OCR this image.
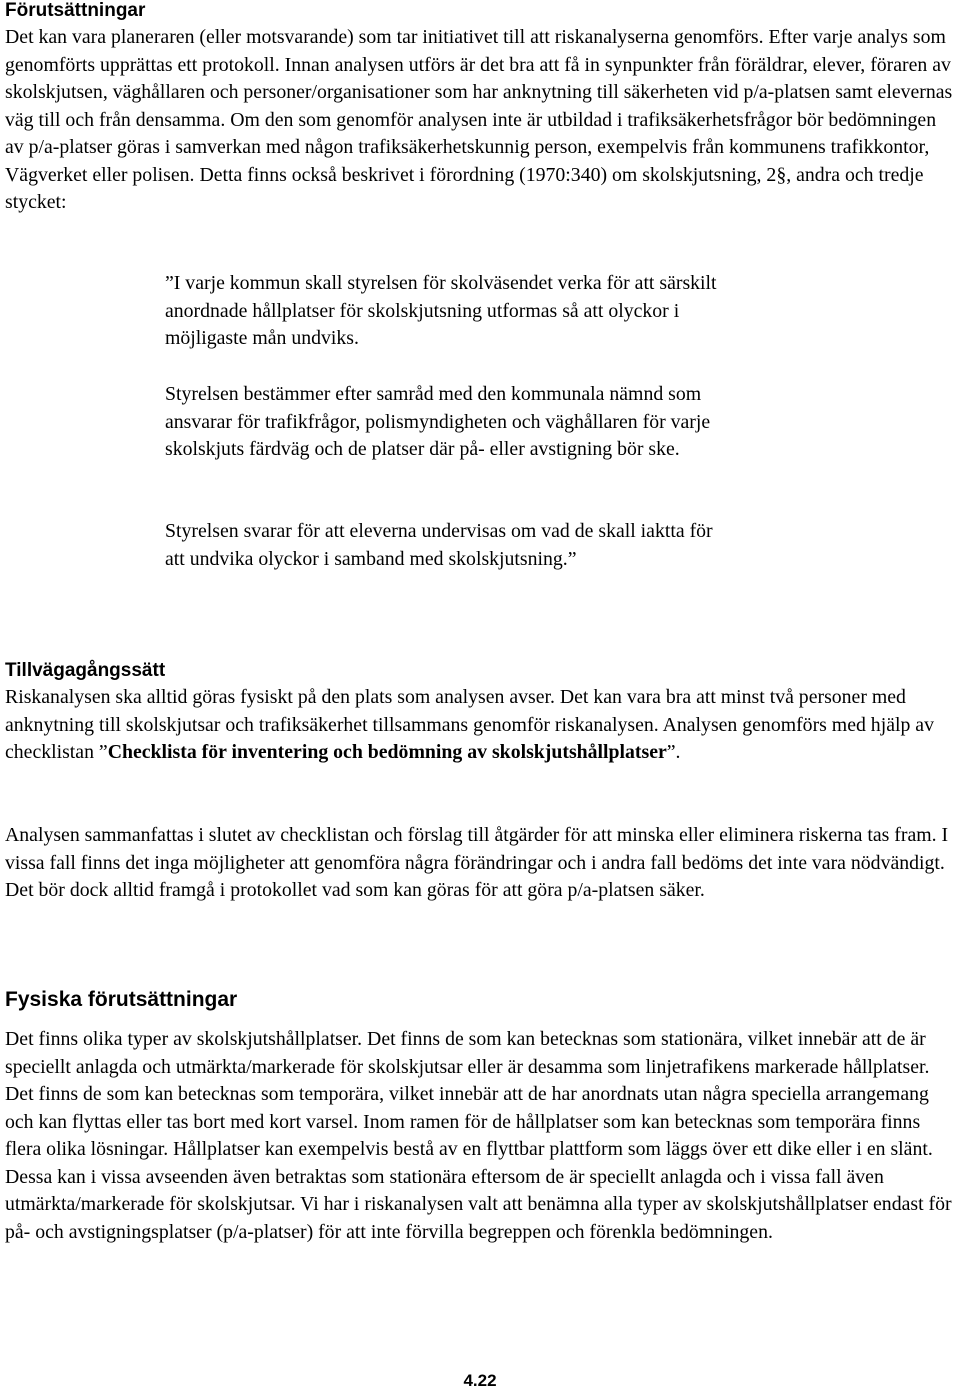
Förutsättningar

Det kan vara planeraren (eller motsvarande) som tar initiativet till att riskanalyserna genomförs. Efter varje analys som genomförts upprättas ett protokoll. Innan analysen utförs är det bra att få in synpunkter från föräldrar, elever, föraren av skolskjutsen, väghållaren och personer/organisationer som har anknytning till säkerheten vid p/a-platsen samt elevernas väg till och från densamma. Om den som genomför analysen inte är utbildad i trafiksäkerhetsfrågor bör bedömningen av p/a-platser göras i samverkan med någon trafiksäkerhetskunnig person, exempelvis från kommunens trafikkontor, Vägverket eller polisen. Detta finns också beskrivet i förordning (1970:340) om skolskjutsning, 2§, andra och tredje stycket:

”I varje kommun skall styrelsen för skolväsendet verka för att särskilt anordnade hållplatser för skolskjutsning utformas så att olyckor i möjligaste mån undviks.

Styrelsen bestämmer efter samråd med den kommunala nämnd som ansvarar för trafikfrågor, polismyndigheten och väghållaren för varje skolskjuts färdväg och de platser där på- eller avstigning bör ske.

Styrelsen svarar för att eleverna undervisas om vad de skall iaktta för att undvika olyckor i samband med skolskjutsning.”

Tillvägagångssätt

Riskanalysen ska alltid göras fysiskt på den plats som analysen avser. Det kan vara bra att minst två personer med anknytning till skolskjutsar och trafiksäkerhet tillsammans genomför riskanalysen. Analysen genomförs med hjälp av checklistan ”Checklista för inventering och bedömning av skolskjutshållplatser”.

Analysen sammanfattas i slutet av checklistan och förslag till åtgärder för att minska eller eliminera riskerna tas fram. I vissa fall finns det inga möjligheter att genomföra några förändringar och i andra fall bedöms det inte vara nödvändigt. Det bör dock alltid framgå i protokollet vad som kan göras för att göra p/a-platsen säker.

Fysiska förutsättningar

Det finns olika typer av skolskjutshållplatser. Det finns de som kan betecknas som stationära, vilket innebär att de är speciellt anlagda och utmärkta/markerade för skolskjutsar eller är desamma som linjetrafikens markerade hållplatser. Det finns de som kan betecknas som temporära, vilket innebär att de har anordnats utan några speciella arrangemang och kan flyttas eller tas bort med kort varsel. Inom ramen för de hållplatser som kan betecknas som temporära finns flera olika lösningar. Hållplatser kan exempelvis bestå av en flyttbar plattform som läggs över ett dike eller i en slänt. Dessa kan i vissa avseenden även betraktas som stationära eftersom de är speciellt anlagda och i vissa fall även utmärkta/markerade för skolskjutsar. Vi har i riskanalysen valt att benämna alla typer av skolskjutshållplatser endast för på- och avstigningsplatser (p/a-platser) för att inte förvilla begreppen och förenkla bedömningen.

4.22
